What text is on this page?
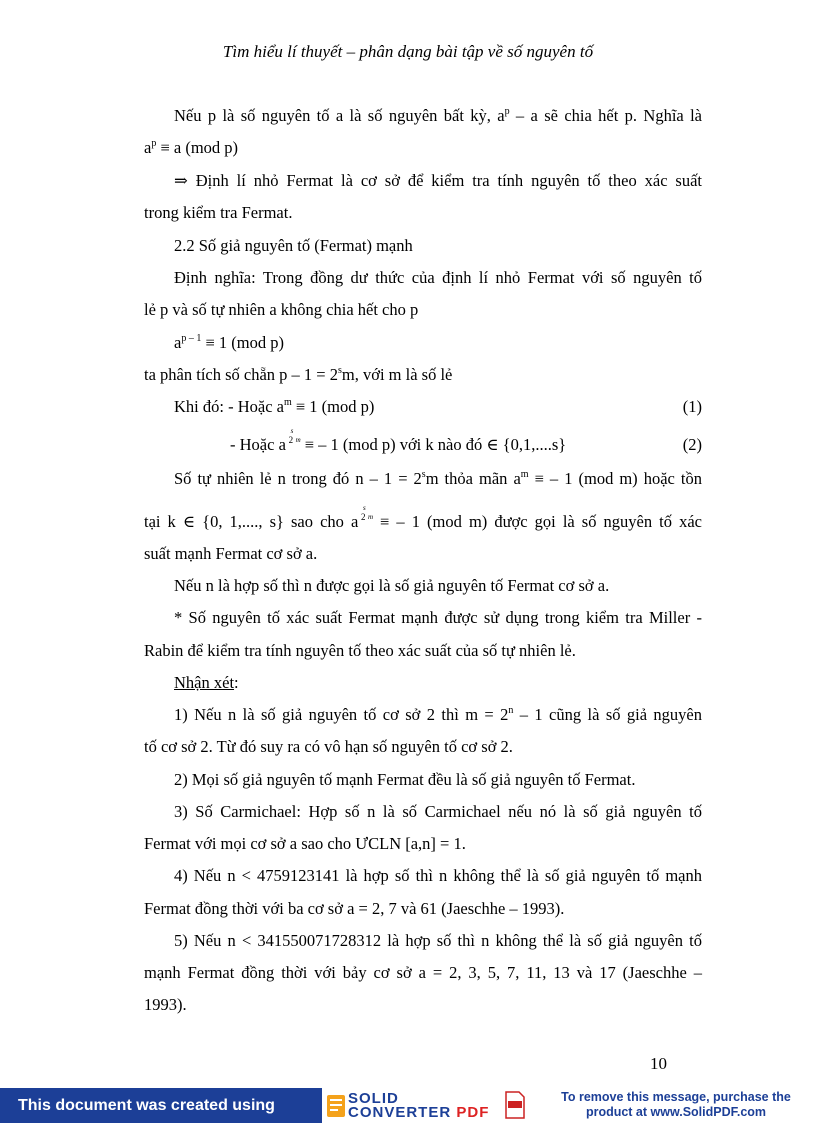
Tìm hiểu lí thuyết – phân dạng bài tập về số nguyên tố
Nếu p là số nguyên tố a là số nguyên bất kỳ, $a^p$ – a sẽ chia hết p. Nghĩa là
$a^p \equiv a$ (mod p)
⇒ Định lí nhỏ Fermat là cơ sở để kiểm tra tính nguyên tố theo xác suất
trong kiểm tra Fermat.
2.2 Số giả nguyên tố (Fermat) mạnh
Định nghĩa: Trong đồng dư thức của định lí nhỏ Fermat với số nguyên tố
lẻ p và số tự nhiên a không chia hết cho p
$a^{p - 1} \equiv 1$ (mod p)
ta phân tích số chẵn $p - 1 = 2^sm$, với m là số lẻ
Khi đó: - Hoặc $a^m \equiv 1$ (mod p)	(1)
- Hoặc a 2
s
m ≡ – 1 (mod p) với k nào đó ∈ {0,1,....s}	(2)
Số tự nhiên lẻ n trong đó $n - 1 = 2^sm$ thỏa mãn $a^m$ ≡ – 1 (mod m) hoặc tồn
tại k ∈ {0, 1,...., s} sao cho a 2
s
m ≡ – 1 (mod m) được gọi là số nguyên tố xác
suất mạnh Fermat cơ sở a.
Nếu n là hợp số thì n được gọi là số giả nguyên tố Fermat cơ sở a.
* Số nguyên tố xác suất Fermat mạnh được sử dụng trong kiểm tra Miller -
Rabin để kiểm tra tính nguyên tố theo xác suất của số tự nhiên lẻ.
Nhận xét:
1) Nếu n là số giả nguyên tố cơ sở 2 thì $m = 2^n - 1$ cũng là số giả nguyên
tố cơ sở 2. Từ đó suy ra có vô hạn số nguyên tố cơ sở 2.
2) Mọi số giả nguyên tố mạnh Fermat đều là số giả nguyên tố Fermat.
3) Số Carmichael: Hợp số n là số Carmichael nếu nó là số giả nguyên tố
Fermat với mọi cơ sở a sao cho ƯCLN [a,n] = 1.
4) Nếu n < 4759123141 là hợp số thì n không thể là số giả nguyên tố mạnh
Fermat đồng thời với ba cơ sở a = 2, 7 và 61 (Jaeschhe – 1993).
5) Nếu n < 341550071728312 là hợp số thì n không thể là số giả nguyên tố
mạnh Fermat đồng thời với bảy cơ sở a = 2, 3, 5, 7, 11, 13 và 17 (Jaeschhe –
1993).
10
This document was created using	SOLID
CONVERTER PDF
To remove this message, purchase the
product at www.SolidPDF.com
